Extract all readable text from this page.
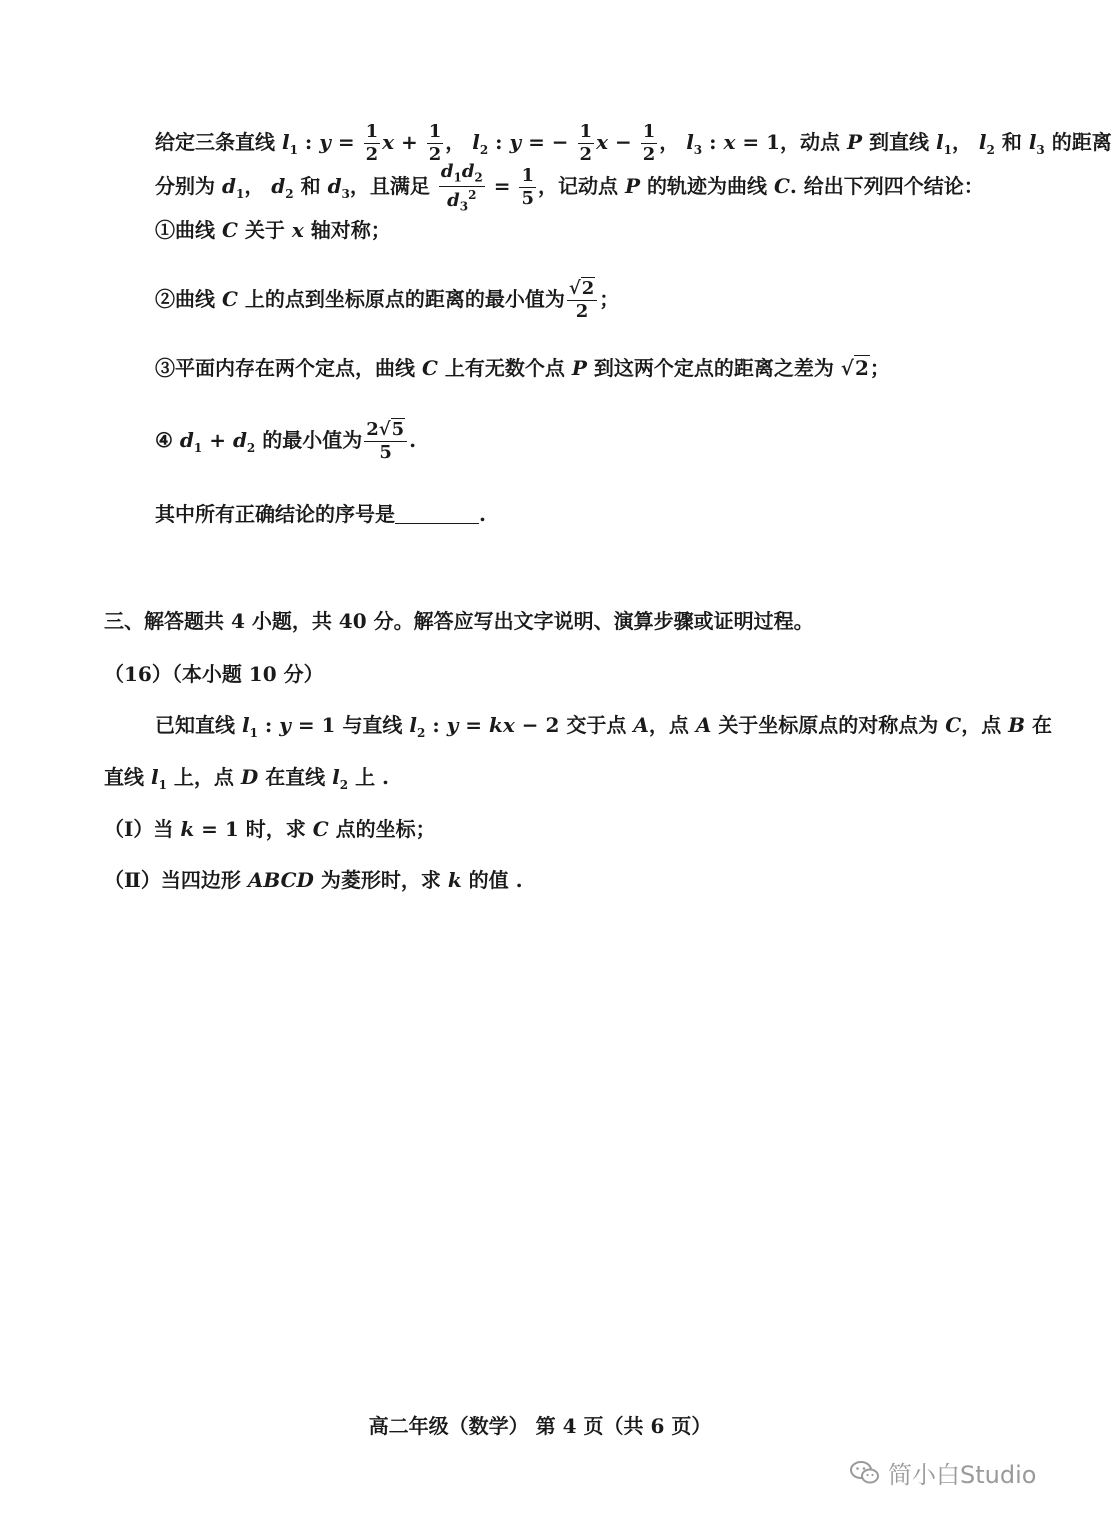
给定三条直线 $l_1$ : $y = \frac{1}{2}$ $x + \frac{1}{2}$ ， $l_2$ : y = − $\frac{1}{2}$ $x - \frac{1}{2}$ ， $l_3$ : x = 1，动点 P 到直线 $l_1$， $l_2$ 和 $l_3$ 的距离
分别为 $d_1$， $d_2$ 和 $d_3$，且满足 $\frac{d_1d_2}{d_3^2} = \frac{1}{5}$ ，记动点 P 的轨迹为曲线 C. 给出下列四个结论：
①曲线 C 关于 x 轴对称；
②曲线 C 上的点到坐标原点的距离的最小值为 $\frac{√2}{2}$ ；
③平面内存在两个定点，曲线 C 上有无数个点 P 到这两个定点的距离之差为 √2；
④ $d_1 + d_2$ 的最小值为 $\frac{2√5}{5}$ .
其中所有正确结论的序号是	.
三、解答题共 4 小题，共 40 分。解答应写出文字说明、演算步骤或证明过程。
（16）（本小题 10 分）
已知直线 $l_1$ : y = 1 与直线 $l_2$ : y = kx − 2 交于点 A，点 A 关于坐标原点的对称点为 C，点 B 在
直线 $l_1$ 上，点 D 在直线 $l_2$ 上 .
（Ⅰ）当 k = 1 时，求 C 点的坐标；
（Ⅱ）当四边形 ABCD 为菱形时，求 k 的值 .
高二年级（数学） 第 4 页（共 6 页）
简小白Studio
